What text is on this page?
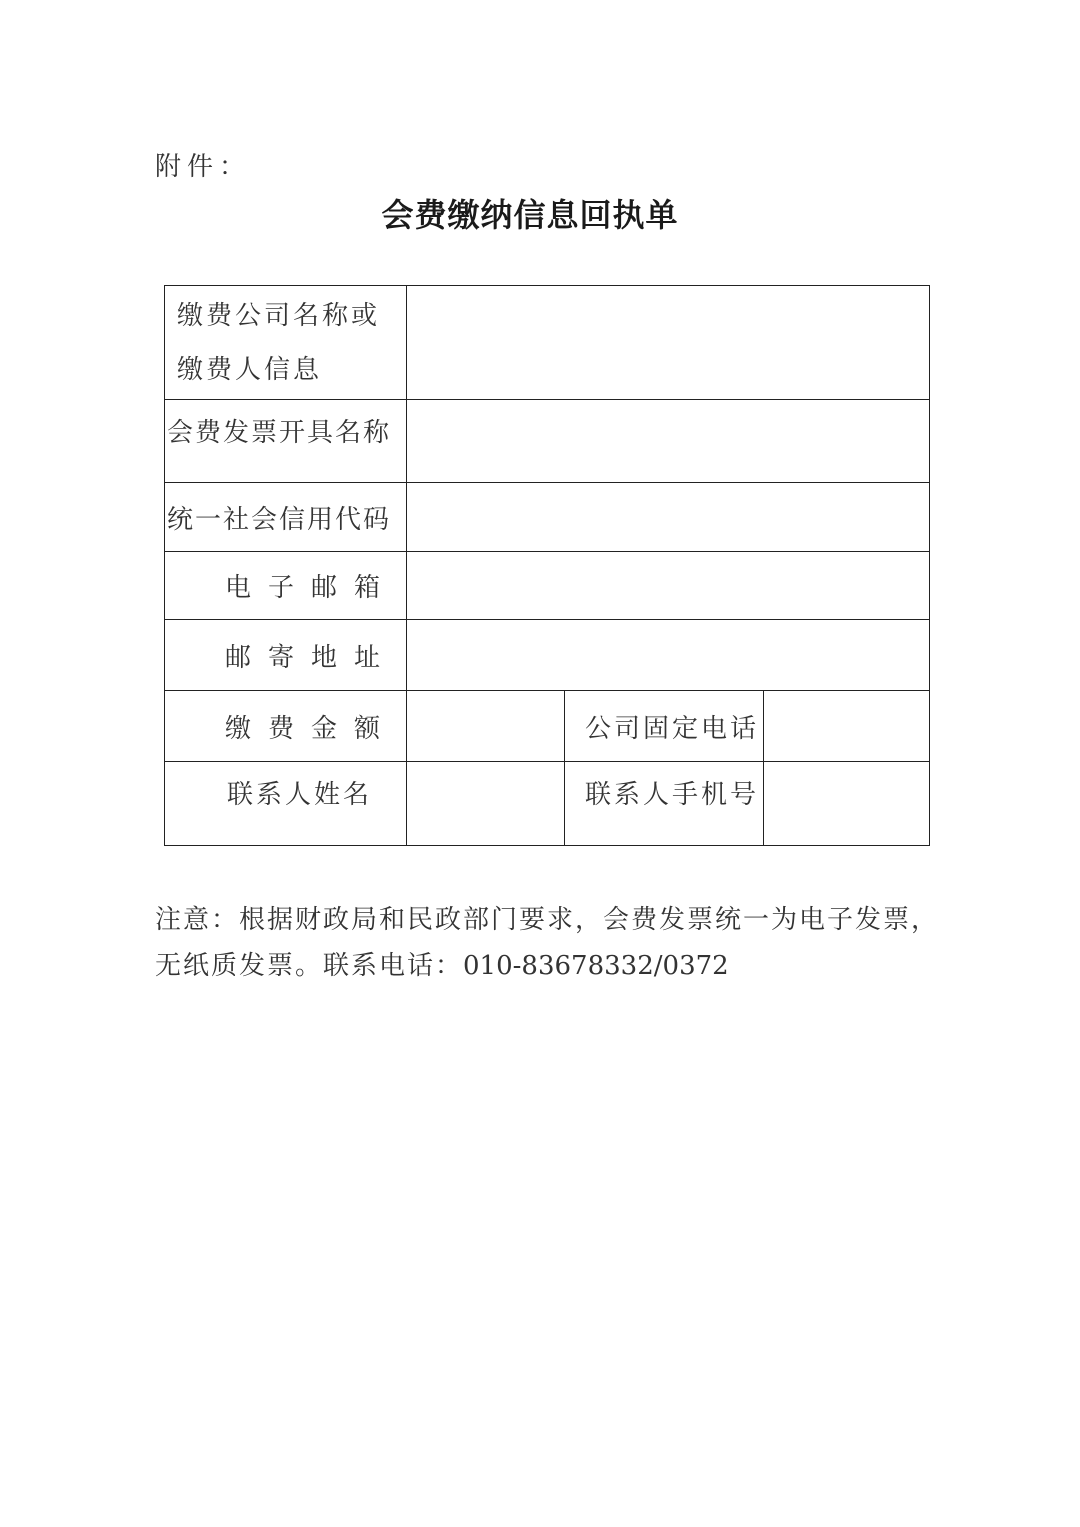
附件：
会费缴纳信息回执单
缴费公司名称或
缴费人信息			

会费发票开具名称			
统一社会信用代码			
电子邮箱			
邮寄地址			
缴费金额		公司固定电话	
联系人姓名		联系人手机号	
注意：根据财政局和民政部门要求，会费发票统一为电子发票，
无纸质发票。联系电话：010-83678332/0372
